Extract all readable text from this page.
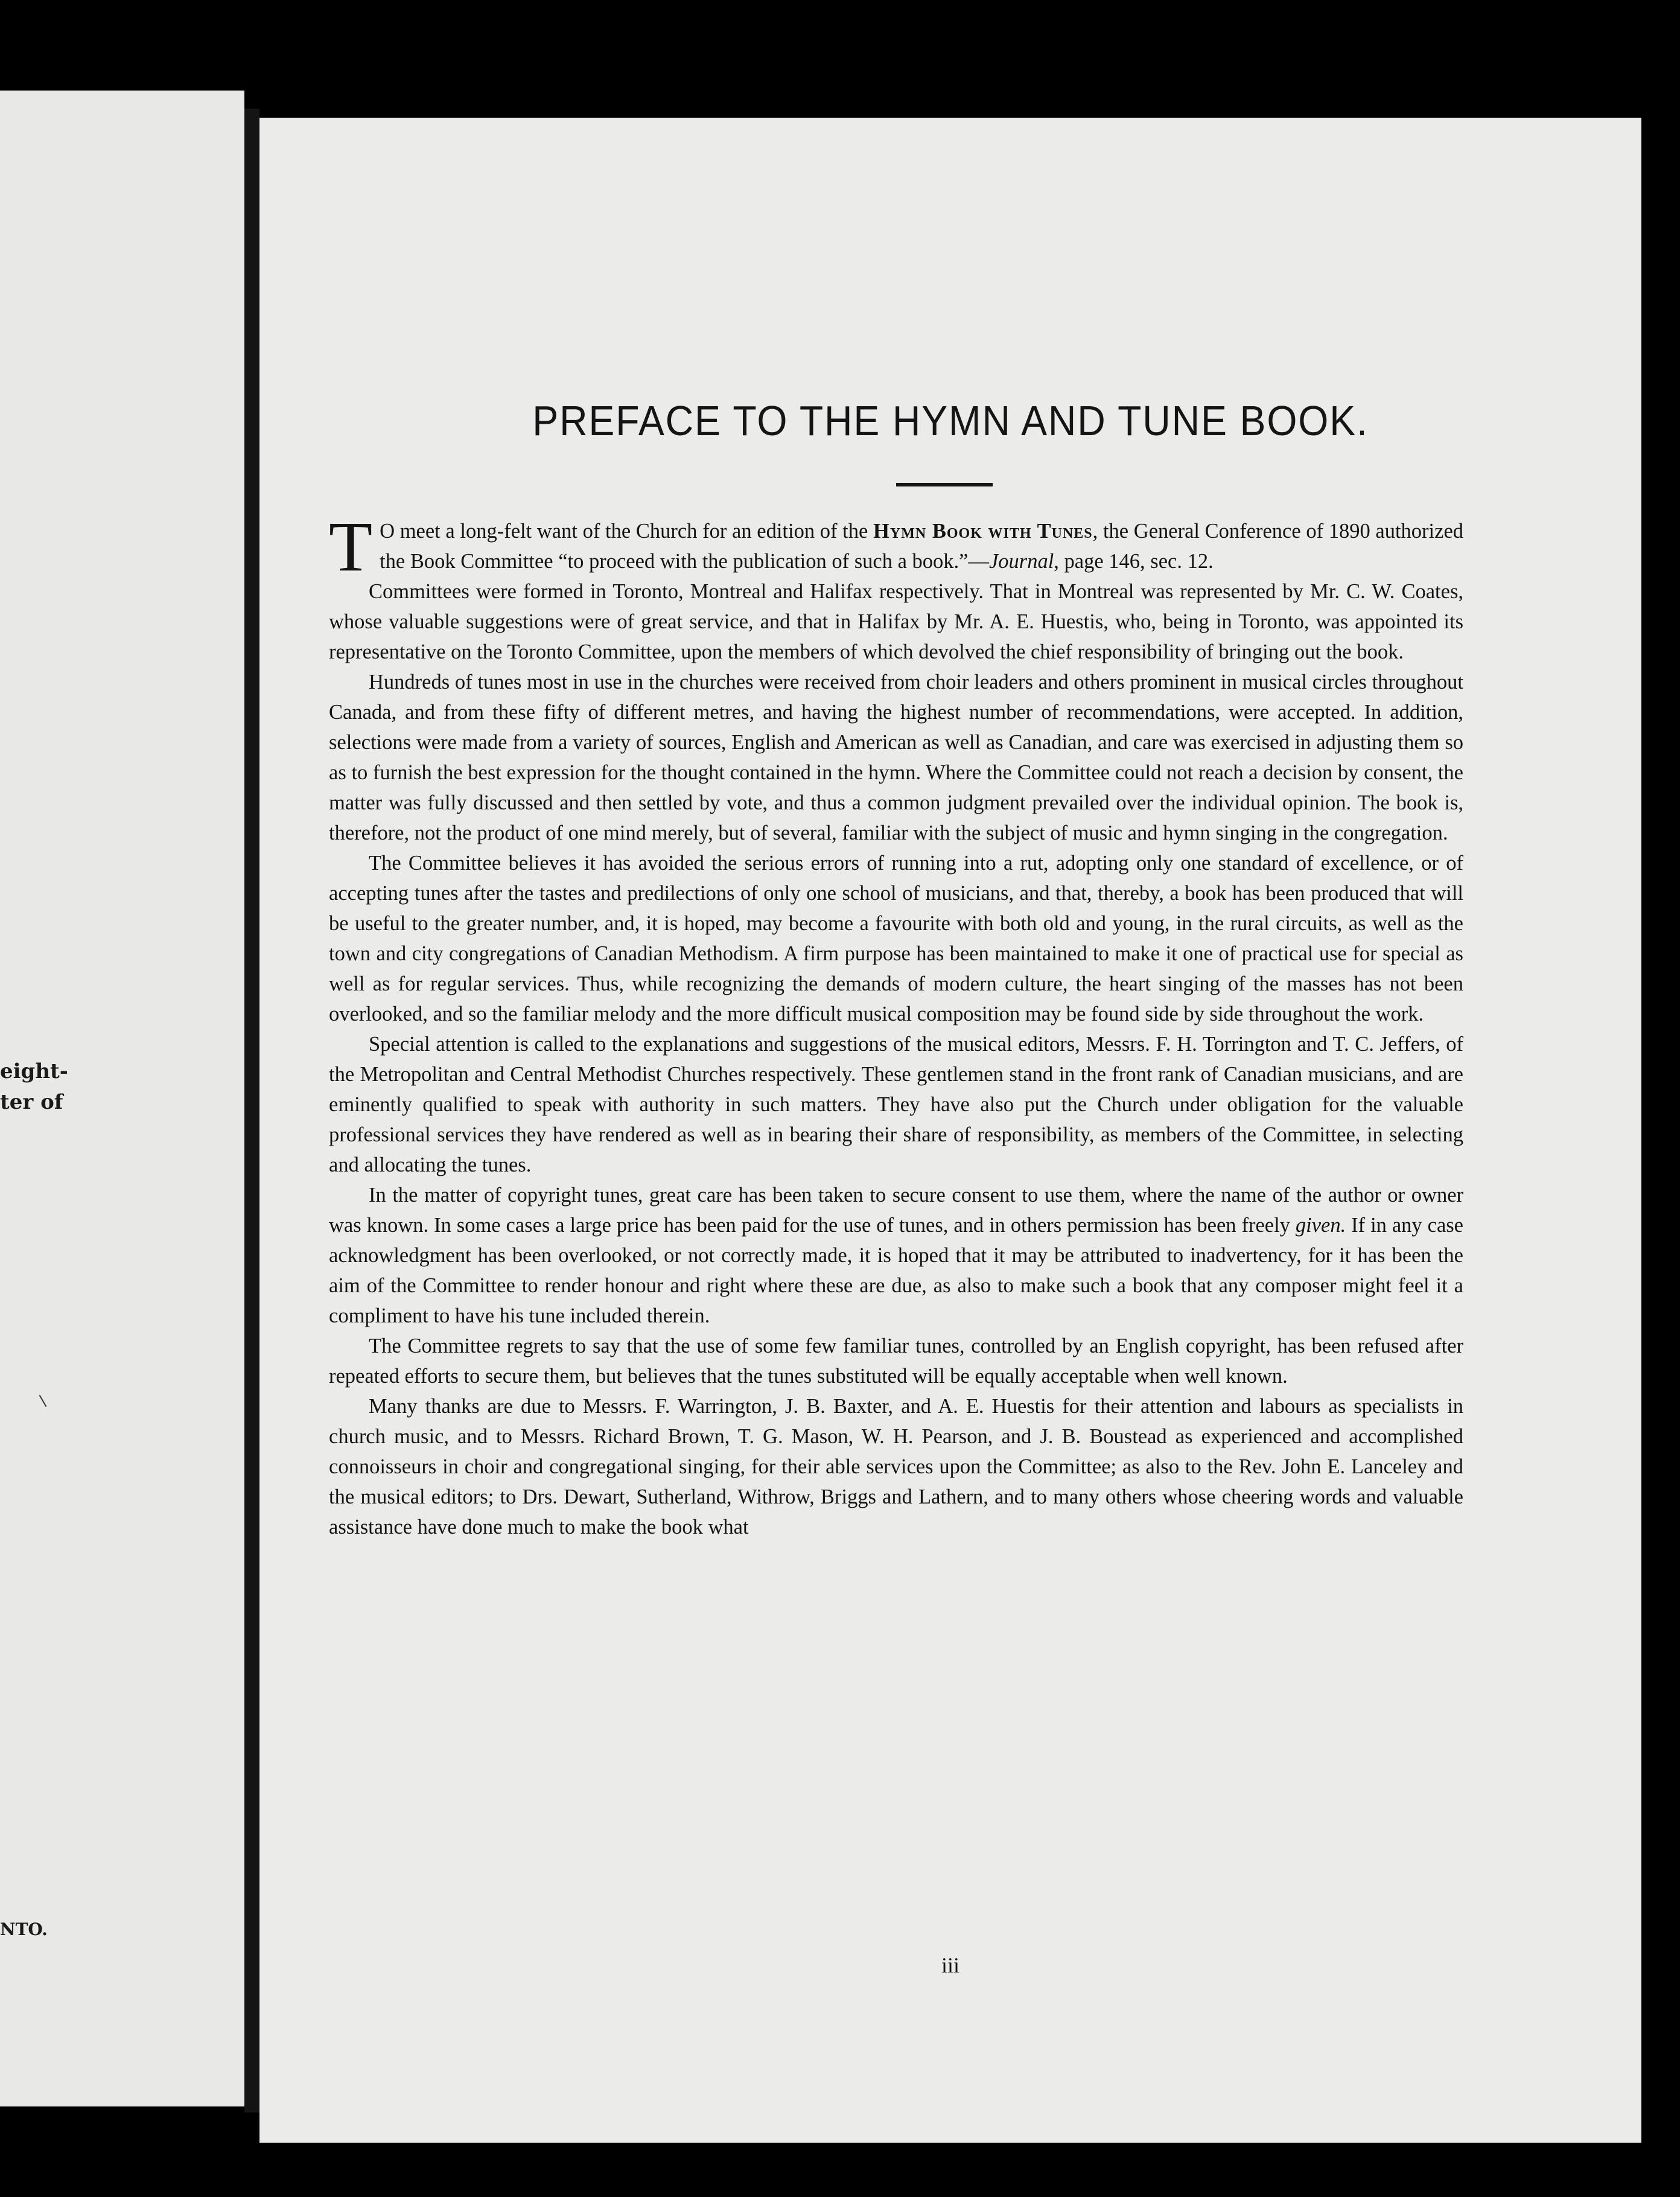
eight-
ter of
NTO.
PREFACE TO THE HYMN AND TUNE BOOK.

T O meet a long-felt want of the Church for an edition of the Hymn Book with Tunes, the General Conference of 1890 authorized the Book Committee “to proceed with the publication of such a book.”—Journal, page 146, sec. 12.

Committees were formed in Toronto, Montreal and Halifax respectively. That in Montreal was represented by Mr. C. W. Coates, whose valuable suggestions were of great service, and that in Halifax by Mr. A. E. Huestis, who, being in Toronto, was appointed its representative on the Toronto Committee, upon the members of which devolved the chief responsibility of bringing out the book.

Hundreds of tunes most in use in the churches were received from choir leaders and others prominent in musical circles throughout Canada, and from these fifty of different metres, and having the highest number of recommendations, were accepted. In addition, selections were made from a variety of sources, English and American as well as Canadian, and care was exercised in adjusting them so as to furnish the best expression for the thought contained in the hymn. Where the Committee could not reach a decision by consent, the matter was fully discussed and then settled by vote, and thus a common judgment prevailed over the individual opinion. The book is, therefore, not the product of one mind merely, but of several, familiar with the subject of music and hymn singing in the congregation.

The Committee believes it has avoided the serious errors of running into a rut, adopting only one standard of excellence, or of accepting tunes after the tastes and predilections of only one school of musicians, and that, thereby, a book has been produced that will be useful to the greater number, and, it is hoped, may become a favourite with both old and young, in the rural circuits, as well as the town and city congregations of Canadian Methodism. A firm purpose has been maintained to make it one of practical use for special as well as for regular services. Thus, while recognizing the demands of modern culture, the heart singing of the masses has not been overlooked, and so the familiar melody and the more difficult musical composition may be found side by side throughout the work.

Special attention is called to the explanations and suggestions of the musical editors, Messrs. F. H. Torrington and T. C. Jeffers, of the Metropolitan and Central Methodist Churches respectively. These gentlemen stand in the front rank of Canadian musicians, and are eminently qualified to speak with authority in such matters. They have also put the Church under obligation for the valuable professional services they have rendered as well as in bearing their share of responsibility, as members of the Committee, in selecting and allocating the tunes.

In the matter of copyright tunes, great care has been taken to secure consent to use them, where the name of the author or owner was known. In some cases a large price has been paid for the use of tunes, and in others permission has been freely given. If in any case acknowledgment has been overlooked, or not correctly made, it is hoped that it may be attributed to inadvertency, for it has been the aim of the Committee to render honour and right where these are due, as also to make such a book that any composer might feel it a compliment to have his tune included therein.

The Committee regrets to say that the use of some few familiar tunes, controlled by an English copyright, has been refused after repeated efforts to secure them, but believes that the tunes substituted will be equally acceptable when well known.

Many thanks are due to Messrs. F. Warrington, J. B. Baxter, and A. E. Huestis for their attention and labours as specialists in church music, and to Messrs. Richard Brown, T. G. Mason, W. H. Pearson, and J. B. Boustead as experienced and accomplished connoisseurs in choir and congregational singing, for their able services upon the Committee; as also to the Rev. John E. Lanceley and the musical editors; to Drs. Dewart, Sutherland, Withrow, Briggs and Lathern, and to many others whose cheering words and valuable assistance have done much to make the book what

iii
